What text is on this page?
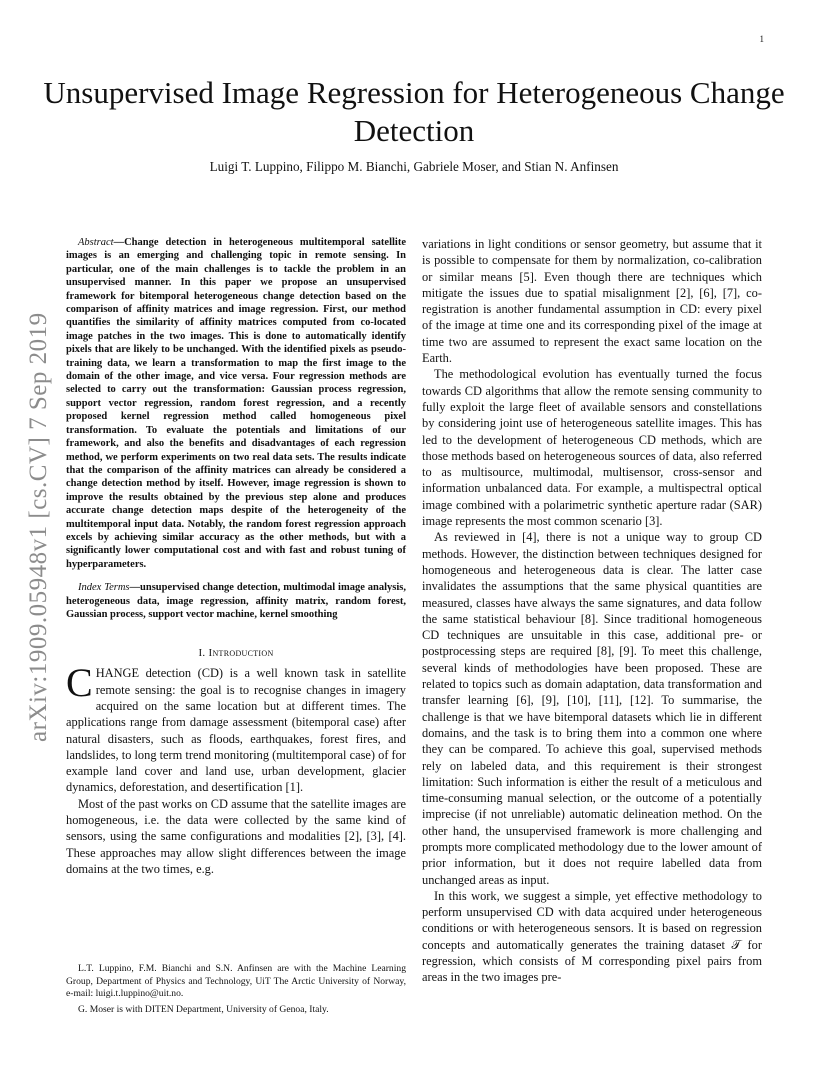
1
arXiv:1909.05948v1 [cs.CV] 7 Sep 2019
Unsupervised Image Regression for Heterogeneous Change Detection
Luigi T. Luppino, Filippo M. Bianchi, Gabriele Moser, and Stian N. Anfinsen

Abstract—Change detection in heterogeneous multitemporal satellite images is an emerging and challenging topic in remote sensing. In particular, one of the main challenges is to tackle the problem in an unsupervised manner. In this paper we propose an unsupervised framework for bitemporal heterogeneous change detection based on the comparison of affinity matrices and image regression. First, our method quantifies the similarity of affinity matrices computed from co-located image patches in the two images. This is done to automatically identify pixels that are likely to be unchanged. With the identified pixels as pseudo-training data, we learn a transformation to map the first image to the domain of the other image, and vice versa. Four regression methods are selected to carry out the transformation: Gaussian process regression, support vector regression, random forest regression, and a recently proposed kernel regression method called homogeneous pixel transformation. To evaluate the potentials and limitations of our framework, and also the benefits and disadvantages of each regression method, we perform experiments on two real data sets. The results indicate that the comparison of the affinity matrices can already be considered a change detection method by itself. However, image regression is shown to improve the results obtained by the previous step alone and produces accurate change detection maps despite of the heterogeneity of the multitemporal input data. Notably, the random forest regression approach excels by achieving similar accuracy as the other methods, but with a significantly lower computational cost and with fast and robust tuning of hyperparameters.

Index Terms—unsupervised change detection, multimodal image analysis, heterogeneous data, image regression, affinity matrix, random forest, Gaussian process, support vector machine, kernel smoothing

I. Introduction

CHANGE detection (CD) is a well known task in satellite remote sensing: the goal is to recognise changes in imagery acquired on the same location but at different times. The applications range from damage assessment (bitemporal case) after natural disasters, such as floods, earthquakes, forest fires, and landslides, to long term trend monitoring (multitemporal case) of for example land cover and land use, urban development, glacier dynamics, deforestation, and desertification [1].

Most of the past works on CD assume that the satellite images are homogeneous, i.e. the data were collected by the same kind of sensors, using the same configurations and modalities [2], [3], [4]. These approaches may allow slight differences between the image domains at the two times, e.g.

L.T. Luppino, F.M. Bianchi and S.N. Anfinsen are with the Machine Learning Group, Department of Physics and Technology, UiT The Arctic University of Norway, e-mail: luigi.t.luppino@uit.no.

G. Moser is with DITEN Department, University of Genoa, Italy.

variations in light conditions or sensor geometry, but assume that it is possible to compensate for them by normalization, co-calibration or similar means [5]. Even though there are techniques which mitigate the issues due to spatial misalignment [2], [6], [7], co-registration is another fundamental assumption in CD: every pixel of the image at time one and its corresponding pixel of the image at time two are assumed to represent the exact same location on the Earth.

The methodological evolution has eventually turned the focus towards CD algorithms that allow the remote sensing community to fully exploit the large fleet of available sensors and constellations by considering joint use of heterogeneous satellite images. This has led to the development of heterogeneous CD methods, which are those methods based on heterogeneous sources of data, also referred to as multisource, multimodal, multisensor, cross-sensor and information unbalanced data. For example, a multispectral optical image combined with a polarimetric synthetic aperture radar (SAR) image represents the most common scenario [3].

As reviewed in [4], there is not a unique way to group CD methods. However, the distinction between techniques designed for homogeneous and heterogeneous data is clear. The latter case invalidates the assumptions that the same physical quantities are measured, classes have always the same signatures, and data follow the same statistical behaviour [8]. Since traditional homogeneous CD techniques are unsuitable in this case, additional pre- or postprocessing steps are required [8], [9]. To meet this challenge, several kinds of methodologies have been proposed. These are related to topics such as domain adaptation, data transformation and transfer learning [6], [9], [10], [11], [12]. To summarise, the challenge is that we have bitemporal datasets which lie in different domains, and the task is to bring them into a common one where they can be compared. To achieve this goal, supervised methods rely on labeled data, and this requirement is their strongest limitation: Such information is either the result of a meticulous and time-consuming manual selection, or the outcome of a potentially imprecise (if not unreliable) automatic delineation method. On the other hand, the unsupervised framework is more challenging and prompts more complicated methodology due to the lower amount of prior information, but it does not require labelled data from unchanged areas as input.

In this work, we suggest a simple, yet effective methodology to perform unsupervised CD with data acquired under heterogeneous conditions or with heterogeneous sensors. It is based on regression concepts and automatically generates the training dataset 𝒯 for regression, which consists of M corresponding pixel pairs from areas in the two images pre-
